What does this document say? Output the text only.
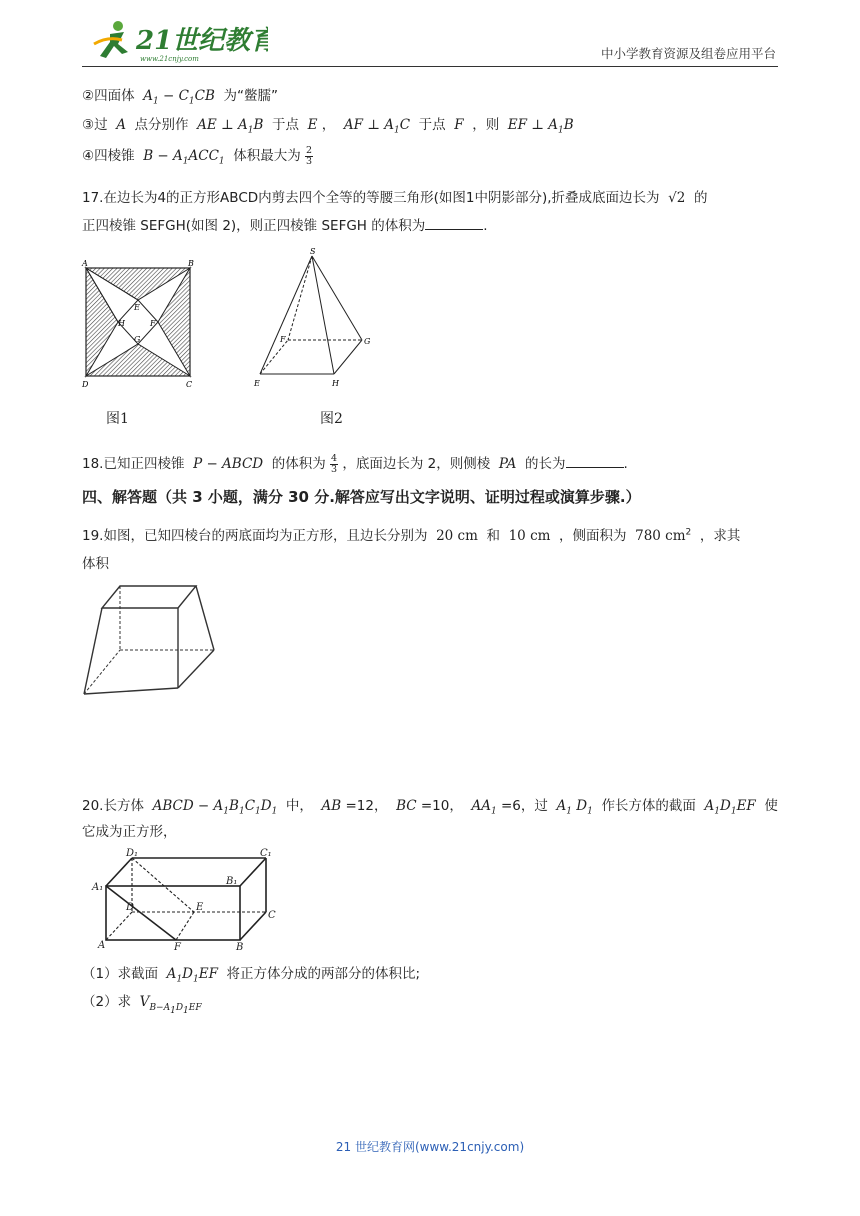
21世纪教育
www.21cnjy.com	中小学教育资源及组卷应用平台
②四面体  $A_1 - C_1CB$  为“鳖臑”
③过  A  点分别作  AE ⊥ $A_1B$  于点  E ，  AF ⊥ $A_1C$  于点  F  ，则  EF ⊥ $A_1B$
④四棱锥  $B - A_1ACC_1$ 体积最大为 $\frac{2}{3}$
17.在边长为4的正方形ABCD内剪去四个全等的等腰三角形(如图1中阴影部分),折叠成底面边长为 √2 的
正四棱锥 SEFGH(如图 2)，则正四棱锥 SEFGH 的体积为	.
A	B
C
D
E
F
G
H
图1
S
E
F	G
H
图2
18.已知正四棱锥  P − ABCD  的体积为 $\frac{4}{3}$ ，底面边长为 2，则侧棱  PA  的长为	.
四、解答题（共 3 小题，满分 30 分.解答应写出文字说明、证明过程或演算步骤.）
19.如图，已知四棱台的两底面均为正方形，且边长分别为 20 cm 和 10 cm ，侧面积为 780 $cm^2$ ，求其
体积
20.长方体  ABCD − $A_1B_1C_1D_1$ 中，  AB =12，  BC =10，  $AA_1 =6$，过  $A_1$ $D_1$ 作长方体的截面  $A_1D_1EF$  使
它成为正方形，
D₁	C₁
A₁
B₁
D	E
C
A	F	B
（1）求截面  $A_1D_1EF$  将正方体分成的两部分的体积比;
（2）求  $V_{B-A_1D_1EF}$
21 世纪教育网(www.21cnjy.com)
